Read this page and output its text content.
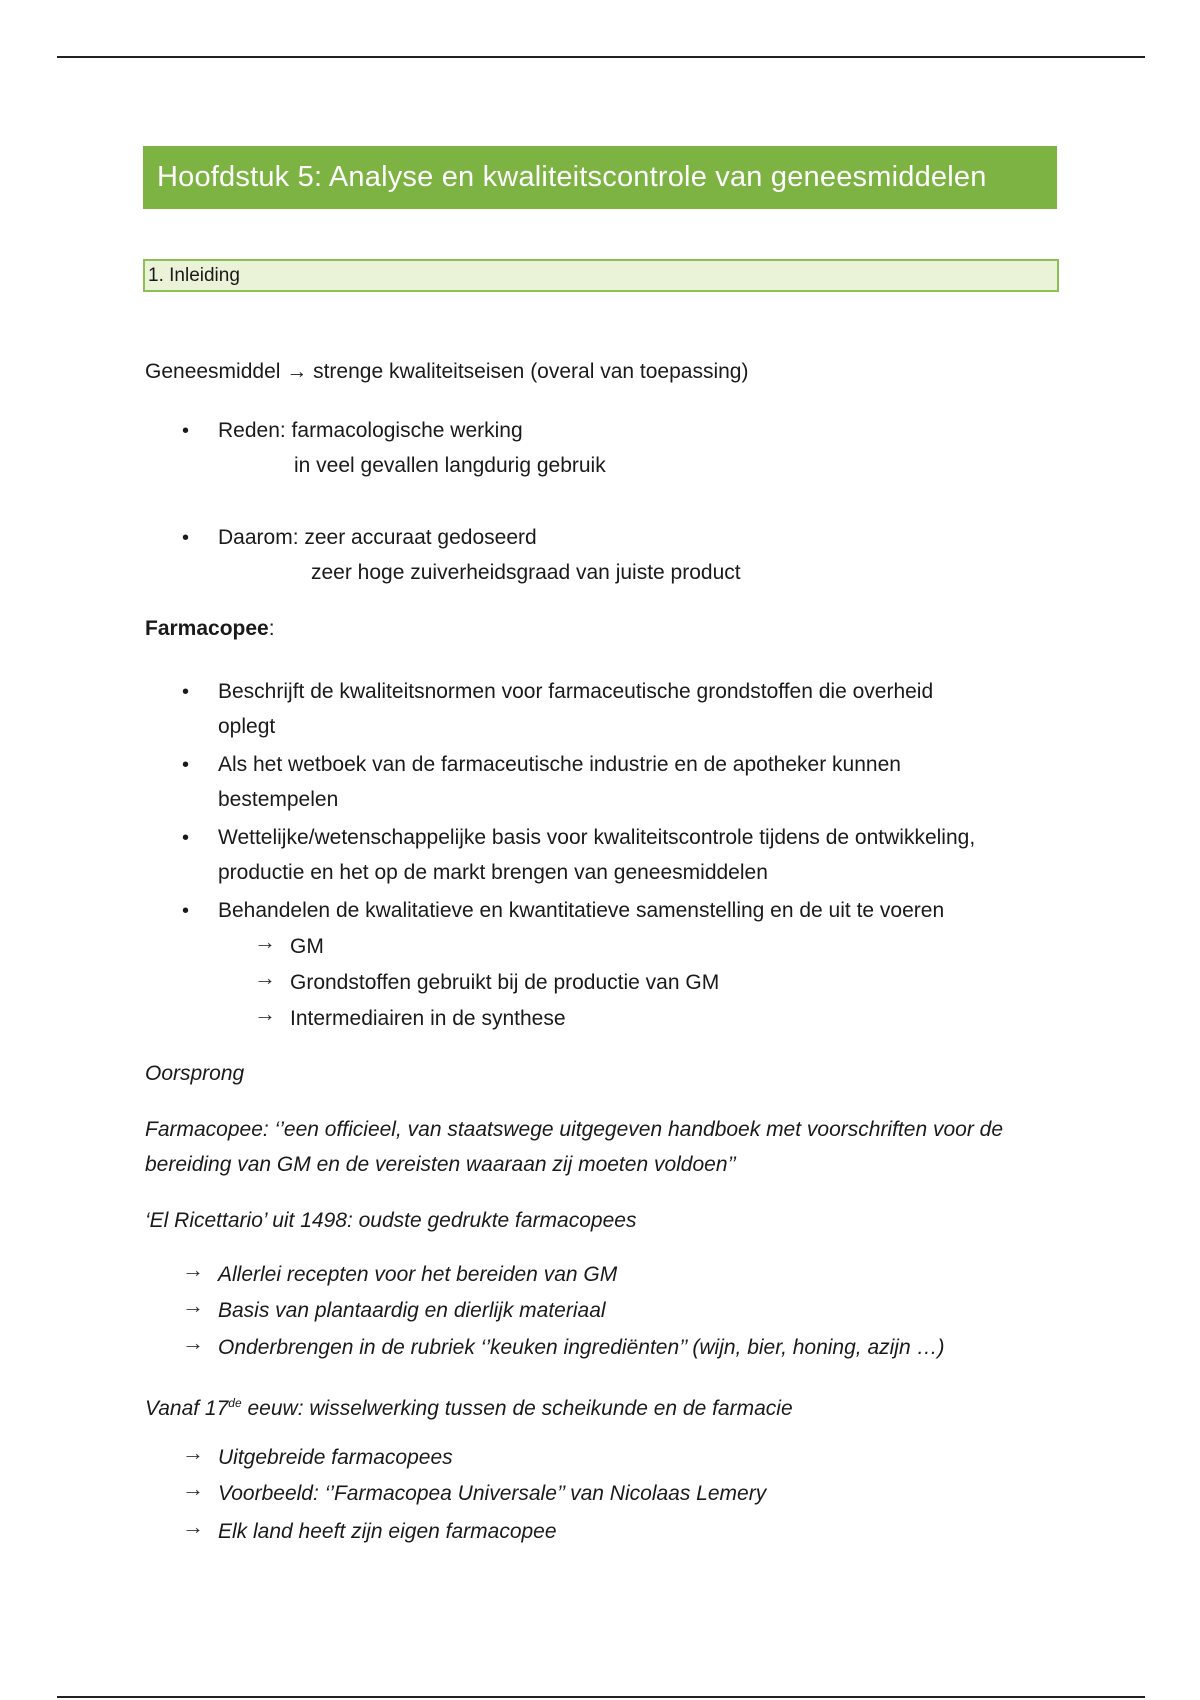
Hoofdstuk 5: Analyse en kwaliteitscontrole van geneesmiddelen
1. Inleiding
Geneesmiddel → strenge kwaliteitseisen (overal van toepassing)
• Reden: farmacologische werking
in veel gevallen langdurig gebruik
• Daarom: zeer accuraat gedoseerd
zeer hoge zuiverheidsgraad van juiste product
Farmacopee:
• Beschrijft de kwaliteitsnormen voor farmaceutische grondstoffen die overheid
oplegt
• Als het wetboek van de farmaceutische industrie en de apotheker kunnen
bestempelen
• Wettelijke/wetenschappelijke basis voor kwaliteitscontrole tijdens de ontwikkeling,
productie en het op de markt brengen van geneesmiddelen
• Behandelen de kwalitatieve en kwantitatieve samenstelling en de uit te voeren
→ GM
→ Grondstoffen gebruikt bij de productie van GM
→ Intermediairen in de synthese
Oorsprong
Farmacopee: ‘’een officieel, van staatswege uitgegeven handboek met voorschriften voor de
bereiding van GM en de vereisten waaraan zij moeten voldoen’’
‘El Ricettario’ uit 1498: oudste gedrukte farmacopees
→ Allerlei recepten voor het bereiden van GM
→ Basis van plantaardig en dierlijk materiaal
→ Onderbrengen in de rubriek ‘’keuken ingrediënten’’ (wijn, bier, honing, azijn …)
Vanaf 17de eeuw: wisselwerking tussen de scheikunde en de farmacie
→ Uitgebreide farmacopees
→ Voorbeeld: ‘’Farmacopea Universale’’ van Nicolaas Lemery
→ Elk land heeft zijn eigen farmacopee
